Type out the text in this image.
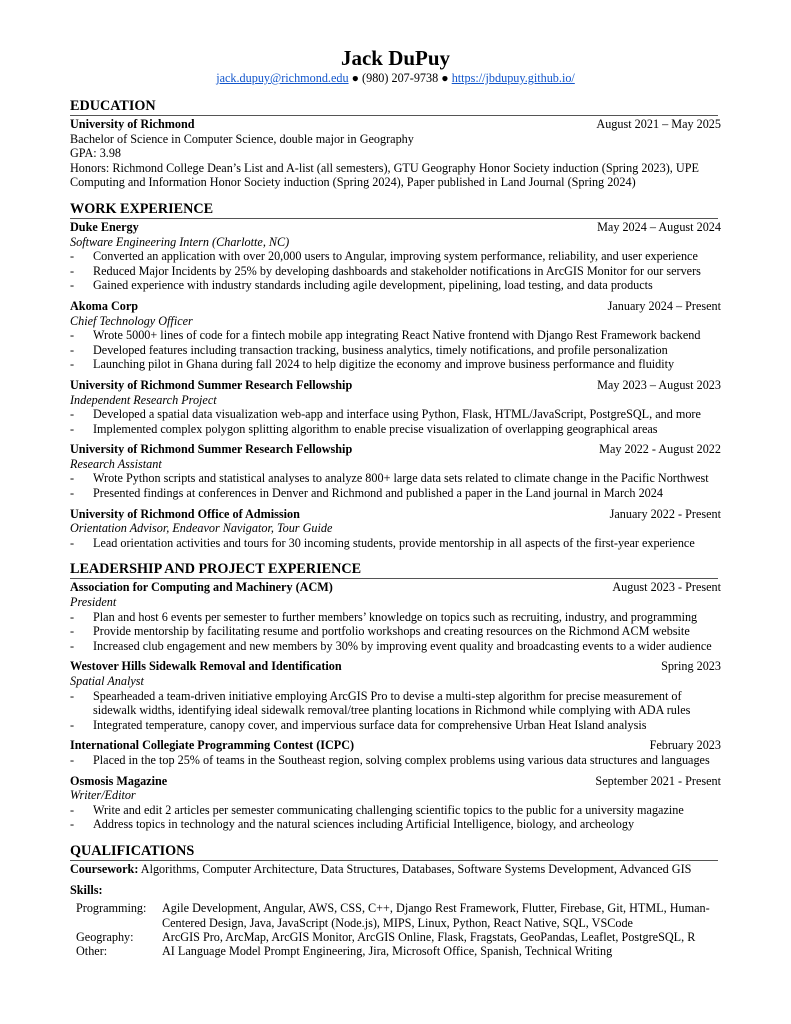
Jack DuPuy
jack.dupuy@richmond.edu ● (980) 207-9738 ● https://jbdupuy.github.io/
EDUCATION
University of Richmond	August 2021 – May 2025
Bachelor of Science in Computer Science, double major in Geography
GPA: 3.98
Honors: Richmond College Dean’s List and A-list (all semesters), GTU Geography Honor Society induction (Spring 2023), UPE Computing and Information Honor Society induction (Spring 2024), Paper published in Land Journal (Spring 2024)
WORK EXPERIENCE
Duke Energy	May 2024 – August 2024
Software Engineering Intern (Charlotte, NC)
- Converted an application with over 20,000 users to Angular, improving system performance, reliability, and user experience
- Reduced Major Incidents by 25% by developing dashboards and stakeholder notifications in ArcGIS Monitor for our servers
- Gained experience with industry standards including agile development, pipelining, load testing, and data products
Akoma Corp	January 2024 – Present
Chief Technology Officer
- Wrote 5000+ lines of code for a fintech mobile app integrating React Native frontend with Django Rest Framework backend
- Developed features including transaction tracking, business analytics, timely notifications, and profile personalization
- Launching pilot in Ghana during fall 2024 to help digitize the economy and improve business performance and fluidity
University of Richmond Summer Research Fellowship	May 2023 – August 2023
Independent Research Project
- Developed a spatial data visualization web-app and interface using Python, Flask, HTML/JavaScript, PostgreSQL, and more
- Implemented complex polygon splitting algorithm to enable precise visualization of overlapping geographical areas
University of Richmond Summer Research Fellowship	May 2022 - August 2022
Research Assistant
- Wrote Python scripts and statistical analyses to analyze 800+ large data sets related to climate change in the Pacific Northwest
- Presented findings at conferences in Denver and Richmond and published a paper in the Land journal in March 2024
University of Richmond Office of Admission	January 2022 - Present
Orientation Advisor, Endeavor Navigator, Tour Guide
- Lead orientation activities and tours for 30 incoming students, provide mentorship in all aspects of the first-year experience
LEADERSHIP AND PROJECT EXPERIENCE
Association for Computing and Machinery (ACM)	August 2023 - Present
President
- Plan and host 6 events per semester to further members’ knowledge on topics such as recruiting, industry, and programming
- Provide mentorship by facilitating resume and portfolio workshops and creating resources on the Richmond ACM website
- Increased club engagement and new members by 30% by improving event quality and broadcasting events to a wider audience
Westover Hills Sidewalk Removal and Identification	Spring 2023
Spatial Analyst
- Spearheaded a team-driven initiative employing ArcGIS Pro to devise a multi-step algorithm for precise measurement of sidewalk widths, identifying ideal sidewalk removal/tree planting locations in Richmond while complying with ADA rules
- Integrated temperature, canopy cover, and impervious surface data for comprehensive Urban Heat Island analysis
International Collegiate Programming Contest (ICPC)	February 2023
- Placed in the top 25% of teams in the Southeast region, solving complex problems using various data structures and languages
Osmosis Magazine	September 2021 - Present
Writer/Editor
- Write and edit 2 articles per semester communicating challenging scientific topics to the public for a university magazine
- Address topics in technology and the natural sciences including Artificial Intelligence, biology, and archeology
QUALIFICATIONS
Coursework: Algorithms, Computer Architecture, Data Structures, Databases, Software Systems Development, Advanced GIS
Skills:
Programming:	Agile Development, Angular, AWS, CSS, C++, Django Rest Framework, Flutter, Firebase, Git, HTML, Human-Centered Design, Java, JavaScript (Node.js), MIPS, Linux, Python, React Native, SQL, VSCode
Geography:	ArcGIS Pro, ArcMap, ArcGIS Monitor, ArcGIS Online, Flask, Fragstats, GeoPandas, Leaflet, PostgreSQL, R
Other:	AI Language Model Prompt Engineering, Jira, Microsoft Office, Spanish, Technical Writing
